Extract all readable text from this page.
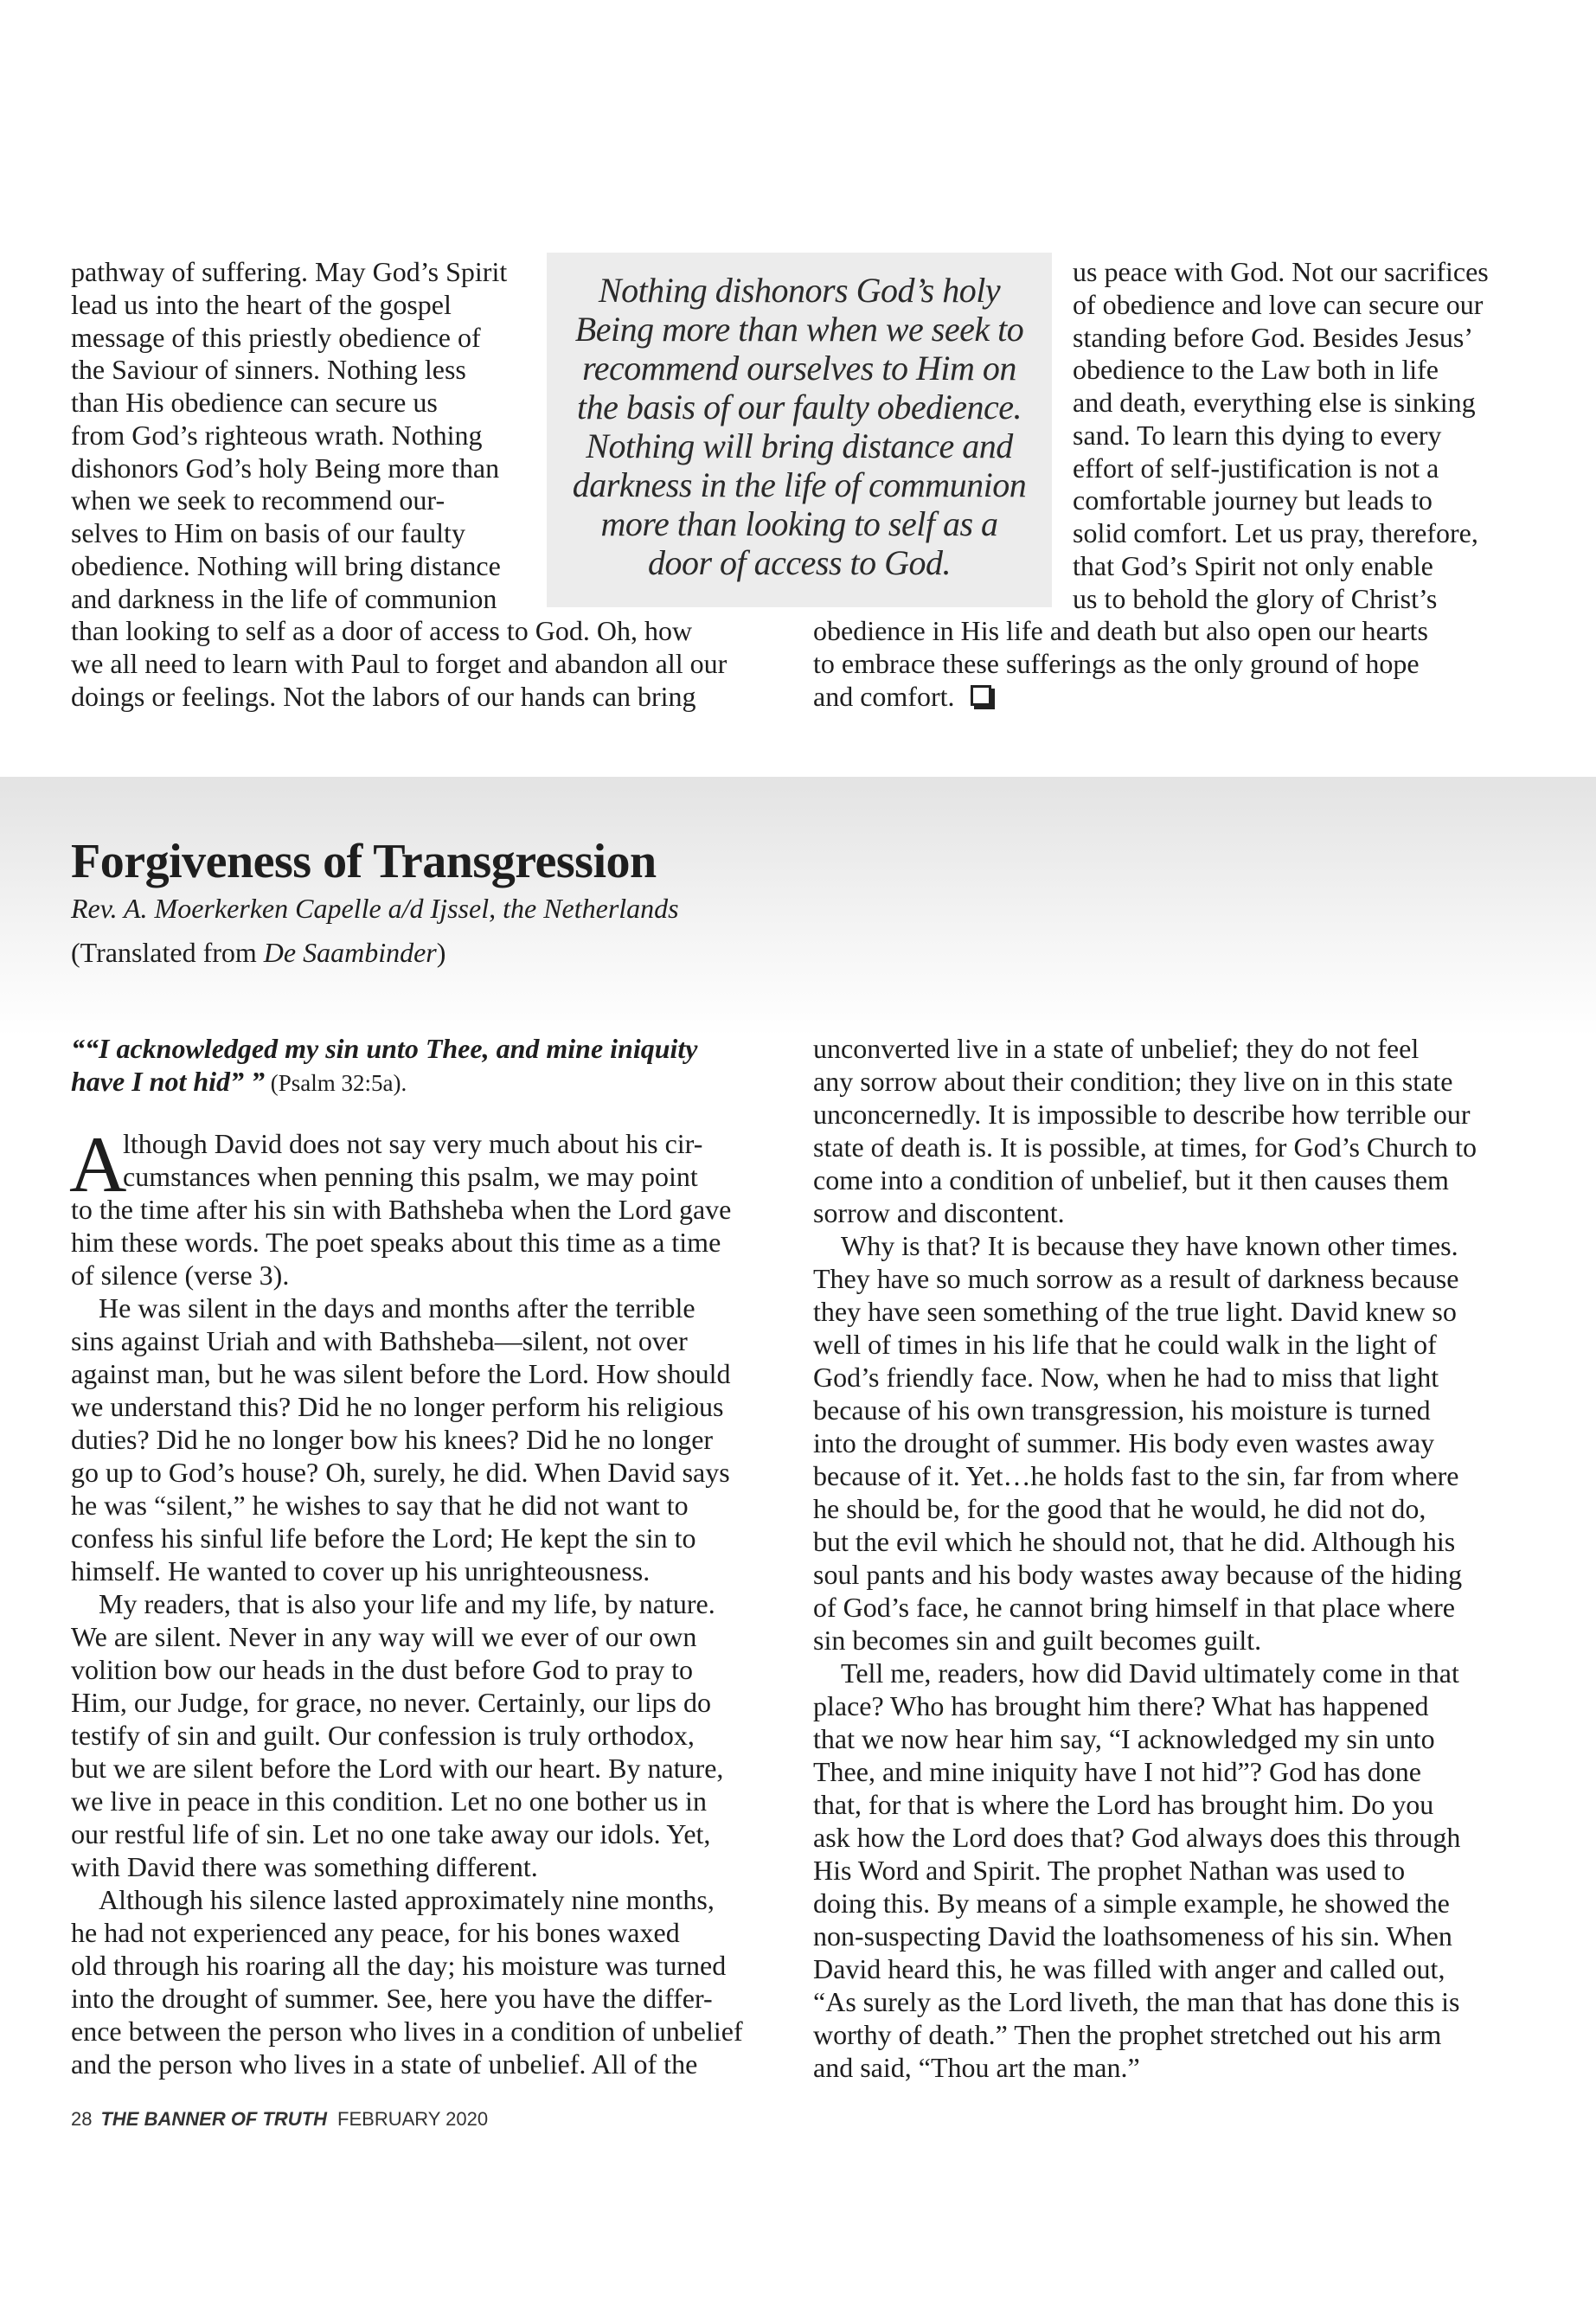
pathway of suffering. May God’s Spirit
lead us into the heart of the gospel
message of this priestly obedience of
the Saviour of sinners. Nothing less
than His obedience can secure us
from God’s righteous wrath. Nothing
dishonors God’s holy Being more than
when we seek to recommend our-
selves to Him on basis of our faulty
obedience. Nothing will bring distance
and darkness in the life of communion
than looking to self as a door of access to God. Oh, how
we all need to learn with Paul to forget and abandon all our
doings or feelings. Not the labors of our hands can bring
Nothing dishonors God’s holy
Being more than when we seek to
recommend ourselves to Him on
the basis of our faulty obedience.
Nothing will bring distance and
darkness in the life of communion
more than looking to self as a
door of access to God.
us peace with God. Not our sacrifices
of obedience and love can secure our
standing before God. Besides Jesus’
obedience to the Law both in life
and death, everything else is sinking
sand. To learn this dying to every
effort of self-justification is not a
comfortable journey but leads to
solid comfort. Let us pray, therefore,
that God’s Spirit not only enable
us to behold the glory of Christ’s
obedience in His life and death but also open our hearts
to embrace these sufferings as the only ground of hope
and comfort.
Forgiveness of Transgression
Rev. A. Moerkerken Capelle a/d Ijssel, the Netherlands
(Translated from De Saambinder)
““I acknowledged my sin unto Thee, and mine iniquity
have I not hid” ” (Psalm 32:5a).
A
lthough David does not say very much about his cir-
cumstances when penning this psalm, we may point
to the time after his sin with Bathsheba when the Lord gave
him these words. The poet speaks about this time as a time
of silence (verse 3).
He was silent in the days and months after the terrible
sins against Uriah and with Bathsheba—silent, not over
against man, but he was silent before the Lord. How should
we understand this? Did he no longer perform his religious
duties? Did he no longer bow his knees? Did he no longer
go up to God’s house? Oh, surely, he did. When David says
he was “silent,” he wishes to say that he did not want to
confess his sinful life before the Lord; He kept the sin to
himself. He wanted to cover up his unrighteousness.
My readers, that is also your life and my life, by nature.
We are silent. Never in any way will we ever of our own
volition bow our heads in the dust before God to pray to
Him, our Judge, for grace, no never. Certainly, our lips do
testify of sin and guilt. Our confession is truly orthodox,
but we are silent before the Lord with our heart. By nature,
we live in peace in this condition. Let no one bother us in
our restful life of sin. Let no one take away our idols. Yet,
with David there was something different.
Although his silence lasted approximately nine months,
he had not experienced any peace, for his bones waxed
old through his roaring all the day; his moisture was turned
into the drought of summer. See, here you have the differ-
ence between the person who lives in a condition of unbelief
and the person who lives in a state of unbelief. All of the
unconverted live in a state of unbelief; they do not feel
any sorrow about their condition; they live on in this state
unconcernedly. It is impossible to describe how terrible our
state of death is. It is possible, at times, for God’s Church to
come into a condition of unbelief, but it then causes them
sorrow and discontent.
Why is that? It is because they have known other times.
They have so much sorrow as a result of darkness because
they have seen something of the true light. David knew so
well of times in his life that he could walk in the light of
God’s friendly face. Now, when he had to miss that light
because of his own transgression, his moisture is turned
into the drought of summer. His body even wastes away
because of it. Yet…he holds fast to the sin, far from where
he should be, for the good that he would, he did not do,
but the evil which he should not, that he did. Although his
soul pants and his body wastes away because of the hiding
of God’s face, he cannot bring himself in that place where
sin becomes sin and guilt becomes guilt.
Tell me, readers, how did David ultimately come in that
place? Who has brought him there? What has happened
that we now hear him say, “I acknowledged my sin unto
Thee, and mine iniquity have I not hid”? God has done
that, for that is where the Lord has brought him. Do you
ask how the Lord does that? God always does this through
His Word and Spirit. The prophet Nathan was used to
doing this. By means of a simple example, he showed the
non-suspecting David the loathsomeness of his sin. When
David heard this, he was filled with anger and called out,
“As surely as the Lord liveth, the man that has done this is
worthy of death.” Then the prophet stretched out his arm
and said, “Thou art the man.”
28 THE BANNER OF TRUTH FEBRUARY 2020
